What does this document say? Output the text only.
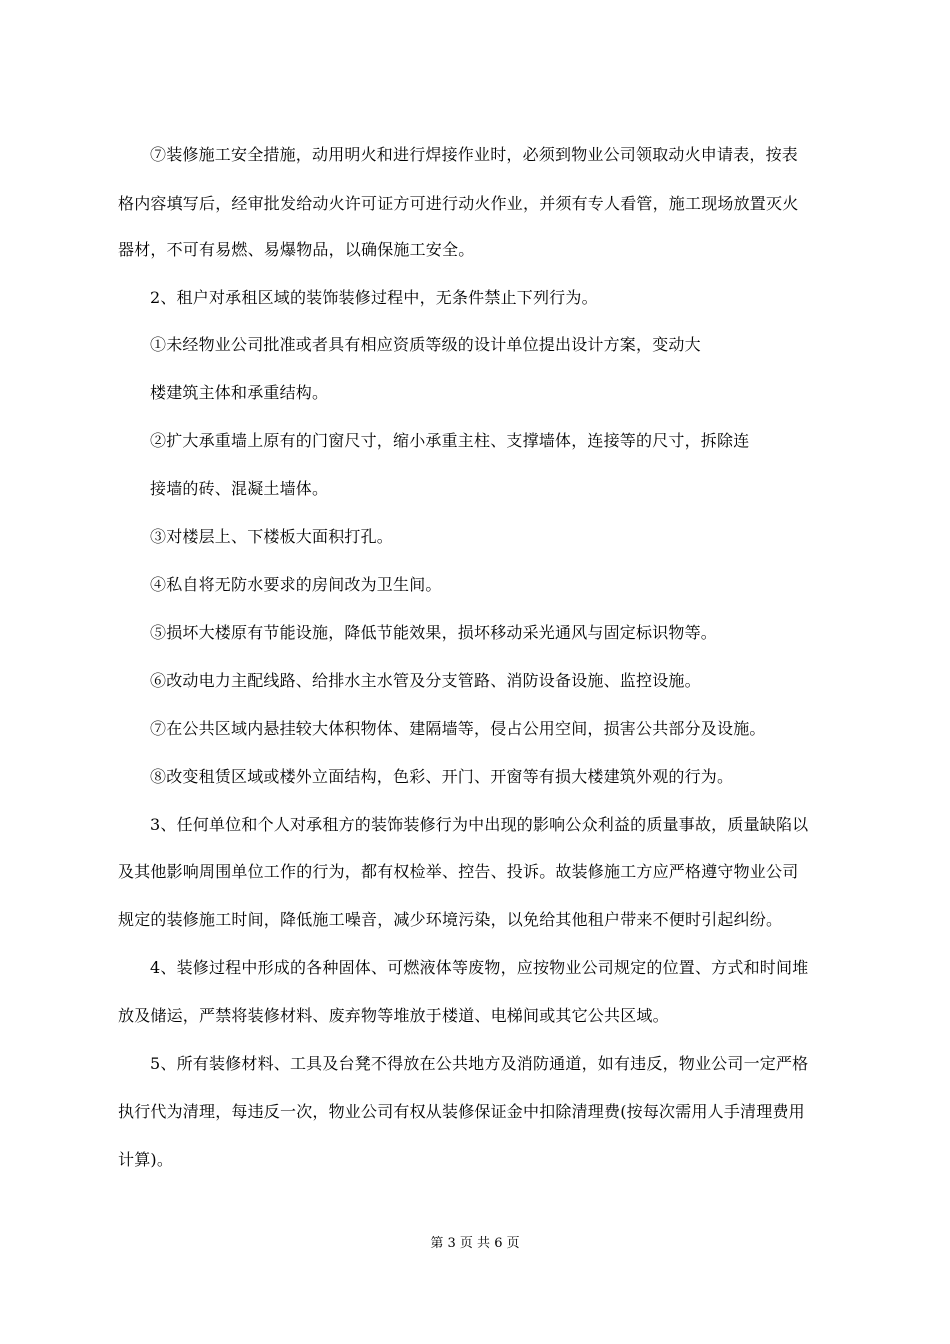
⑦装修施工安全措施，动用明火和进行焊接作业时，必须到物业公司领取动火申请表，按表
格内容填写后，经审批发给动火许可证方可进行动火作业，并须有专人看管，施工现场放置灭火
器材，不可有易燃、易爆物品，以确保施工安全。
2、租户对承租区域的装饰装修过程中，无条件禁止下列行为。
①未经物业公司批准或者具有相应资质等级的设计单位提出设计方案，变动大
楼建筑主体和承重结构。
②扩大承重墙上原有的门窗尺寸，缩小承重主柱、支撑墙体，连接等的尺寸，拆除连
接墙的砖、混凝土墙体。
③对楼层上、下楼板大面积打孔。
④私自将无防水要求的房间改为卫生间。
⑤损坏大楼原有节能设施，降低节能效果，损坏移动采光通风与固定标识物等。
⑥改动电力主配线路、给排水主水管及分支管路、消防设备设施、监控设施。
⑦在公共区域内悬挂较大体积物体、建隔墙等，侵占公用空间，损害公共部分及设施。
⑧改变租赁区域或楼外立面结构，色彩、开门、开窗等有损大楼建筑外观的行为。
3、任何单位和个人对承租方的装饰装修行为中出现的影响公众利益的质量事故，质量缺陷以
及其他影响周围单位工作的行为，都有权检举、控告、投诉。故装修施工方应严格遵守物业公司
规定的装修施工时间，降低施工噪音，减少环境污染，以免给其他租户带来不便时引起纠纷。
4、装修过程中形成的各种固体、可燃液体等废物，应按物业公司规定的位置、方式和时间堆
放及储运，严禁将装修材料、废弃物等堆放于楼道、电梯间或其它公共区域。
5、所有装修材料、工具及台凳不得放在公共地方及消防通道，如有违反，物业公司一定严格
执行代为清理，每违反一次，物业公司有权从装修保证金中扣除清理费(按每次需用人手清理费用
计算)。
第 3 页 共 6 页
